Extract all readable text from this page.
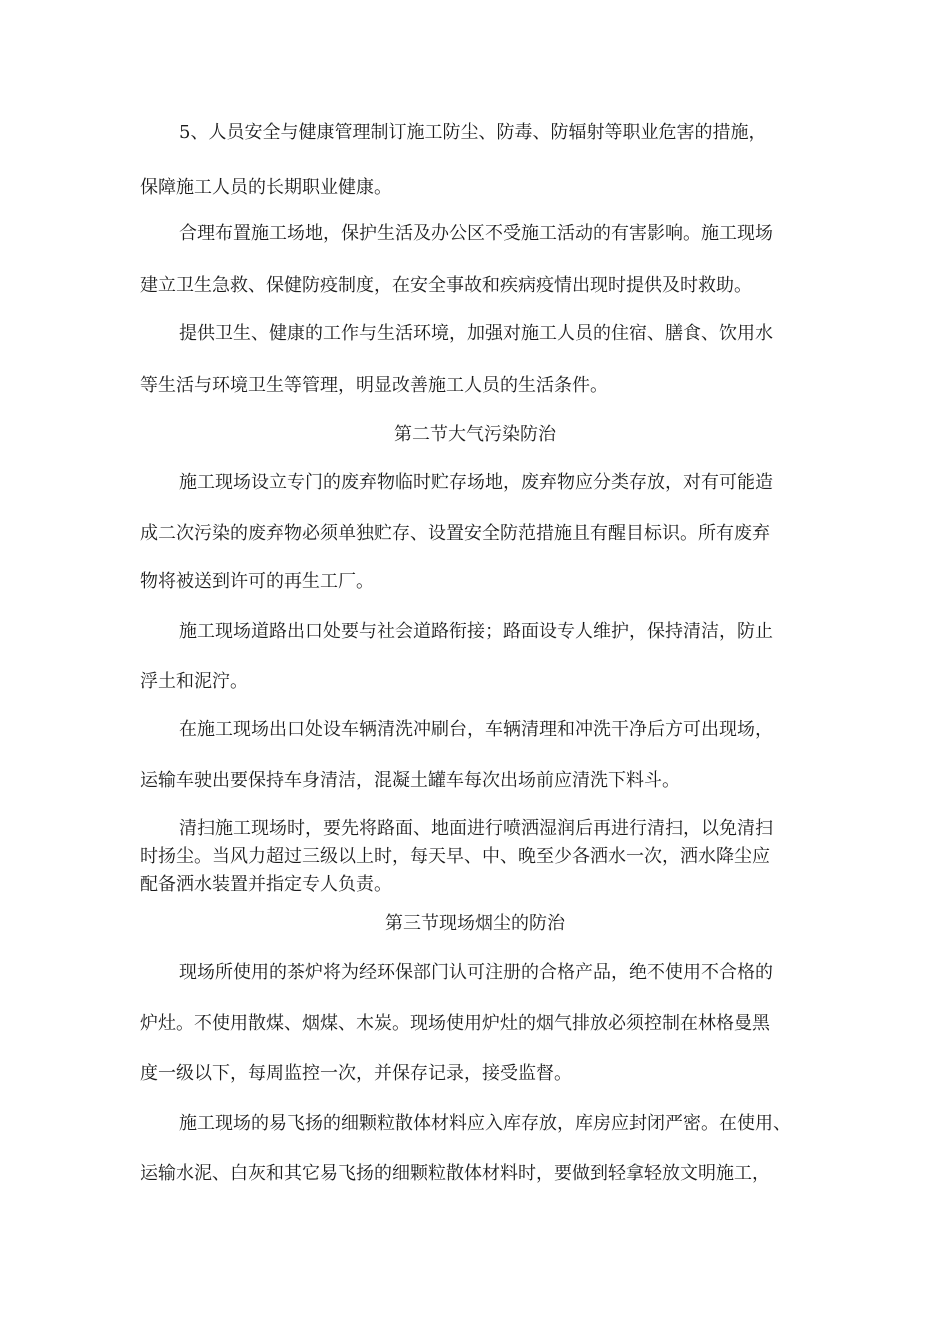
5、人员安全与健康管理制订施工防尘、防毒、防辐射等职业危害的措施，
保障施工人员的长期职业健康。
合理布置施工场地，保护生活及办公区不受施工活动的有害影响。施工现场
建立卫生急救、保健防疫制度，在安全事故和疾病疫情出现时提供及时救助。
提供卫生、健康的工作与生活环境，加强对施工人员的住宿、膳食、饮用水
等生活与环境卫生等管理，明显改善施工人员的生活条件。
第二节大气污染防治
施工现场设立专门的废弃物临时贮存场地，废弃物应分类存放，对有可能造
成二次污染的废弃物必须单独贮存、设置安全防范措施且有醒目标识。所有废弃
物将被送到许可的再生工厂。
施工现场道路出口处要与社会道路衔接；路面设专人维护，保持清洁，防止
浮土和泥泞。
在施工现场出口处设车辆清洗冲刷台，车辆清理和冲洗干净后方可出现场，
运输车驶出要保持车身清洁，混凝土罐车每次出场前应清洗下料斗。
清扫施工现场时，要先将路面、地面进行喷洒湿润后再进行清扫，以免清扫
时扬尘。当风力超过三级以上时，每天早、中、晚至少各洒水一次，洒水降尘应
配备洒水装置并指定专人负责。
第三节现场烟尘的防治
现场所使用的茶炉将为经环保部门认可注册的合格产品，绝不使用不合格的
炉灶。不使用散煤、烟煤、木炭。现场使用炉灶的烟气排放必须控制在林格曼黑
度一级以下，每周监控一次，并保存记录，接受监督。
施工现场的易飞扬的细颗粒散体材料应入库存放，库房应封闭严密。在使用、
运输水泥、白灰和其它易飞扬的细颗粒散体材料时，要做到轻拿轻放文明施工，
